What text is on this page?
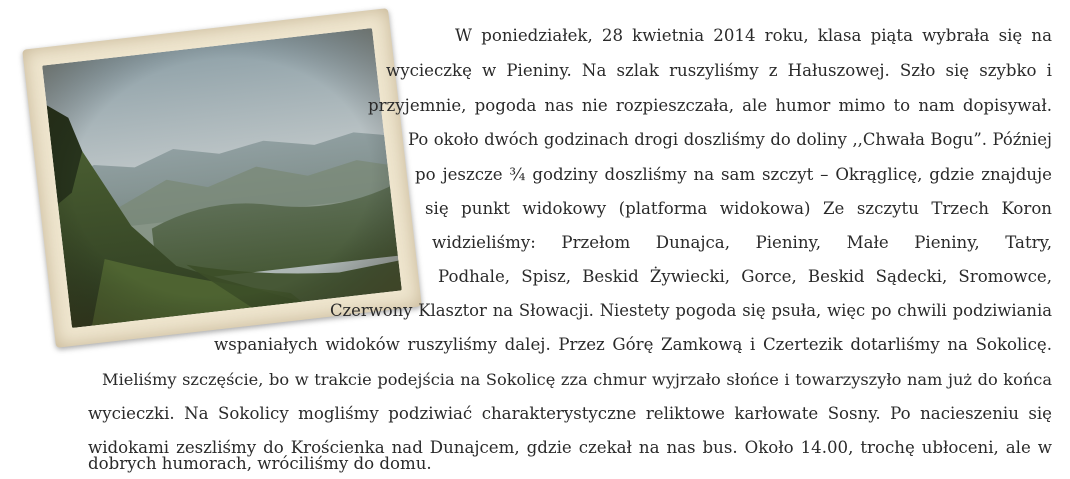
W poniedziałek, 28 kwietnia 2014 roku, klasa piąta wybrała się na
wycieczkę w Pieniny. Na szlak ruszyliśmy z Hałuszowej. Szło się szybko i
przyjemnie, pogoda nas nie rozpieszczała, ale humor mimo to nam dopisywał.
Po około dwóch godzinach drogi doszliśmy do doliny ,,Chwała Bogu”. Później
po jeszcze ¾ godziny doszliśmy na sam szczyt – Okrąglicę, gdzie znajduje
się punkt widokowy (platforma widokowa) Ze szczytu Trzech Koron
widzieliśmy: Przełom Dunajca, Pieniny, Małe Pieniny, Tatry,
Podhale, Spisz, Beskid Żywiecki, Gorce, Beskid Sądecki, Sromowce,
Czerwony Klasztor na Słowacji. Niestety pogoda się psuła, więc po chwili podziwiania
wspaniałych widoków ruszyliśmy dalej. Przez Górę Zamkową i Czertezik dotarliśmy na Sokolicę.
Mieliśmy szczęście, bo w trakcie podejścia na Sokolicę zza chmur wyjrzało słońce i towarzyszyło nam już do końca
wycieczki. Na Sokolicy mogliśmy podziwiać charakterystyczne reliktowe karłowate Sosny. Po nacieszeniu się
widokami zeszliśmy do Krościenka nad Dunajcem, gdzie czekał na nas bus. Około 14.00, trochę ubłoceni, ale w
dobrych humorach, wróciliśmy do domu.
